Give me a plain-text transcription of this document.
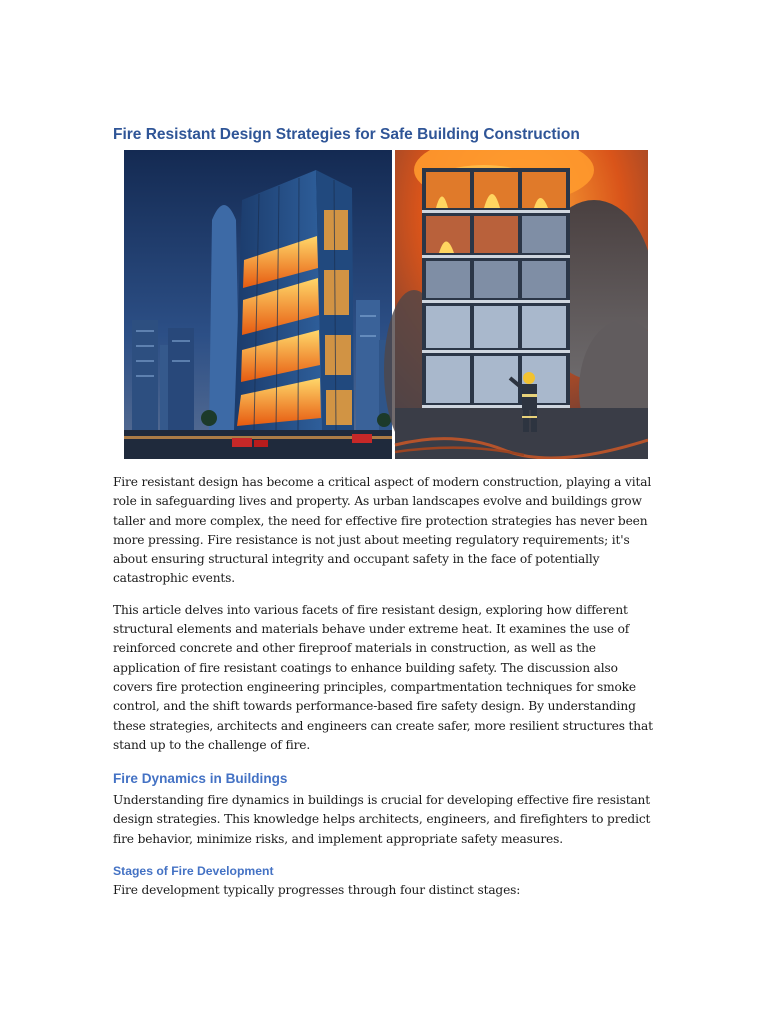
Fire Resistant Design Strategies for Safe Building Construction

Fire resistant design has become a critical aspect of modern construction, playing a vital role in safeguarding lives and property. As urban landscapes evolve and buildings grow taller and more complex, the need for effective fire protection strategies has never been more pressing. Fire resistance is not just about meeting regulatory requirements; it's about ensuring structural integrity and occupant safety in the face of potentially catastrophic events.

This article delves into various facets of fire resistant design, exploring how different structural elements and materials behave under extreme heat. It examines the use of reinforced concrete and other fireproof materials in construction, as well as the application of fire resistant coatings to enhance building safety. The discussion also covers fire protection engineering principles, compartmentation techniques for smoke control, and the shift towards performance-based fire safety design. By understanding these strategies, architects and engineers can create safer, more resilient structures that stand up to the challenge of fire.

Fire Dynamics in Buildings

Understanding fire dynamics in buildings is crucial for developing effective fire resistant design strategies. This knowledge helps architects, engineers, and firefighters to predict fire behavior, minimize risks, and implement appropriate safety measures.

Stages of Fire Development

Fire development typically progresses through four distinct stages:
